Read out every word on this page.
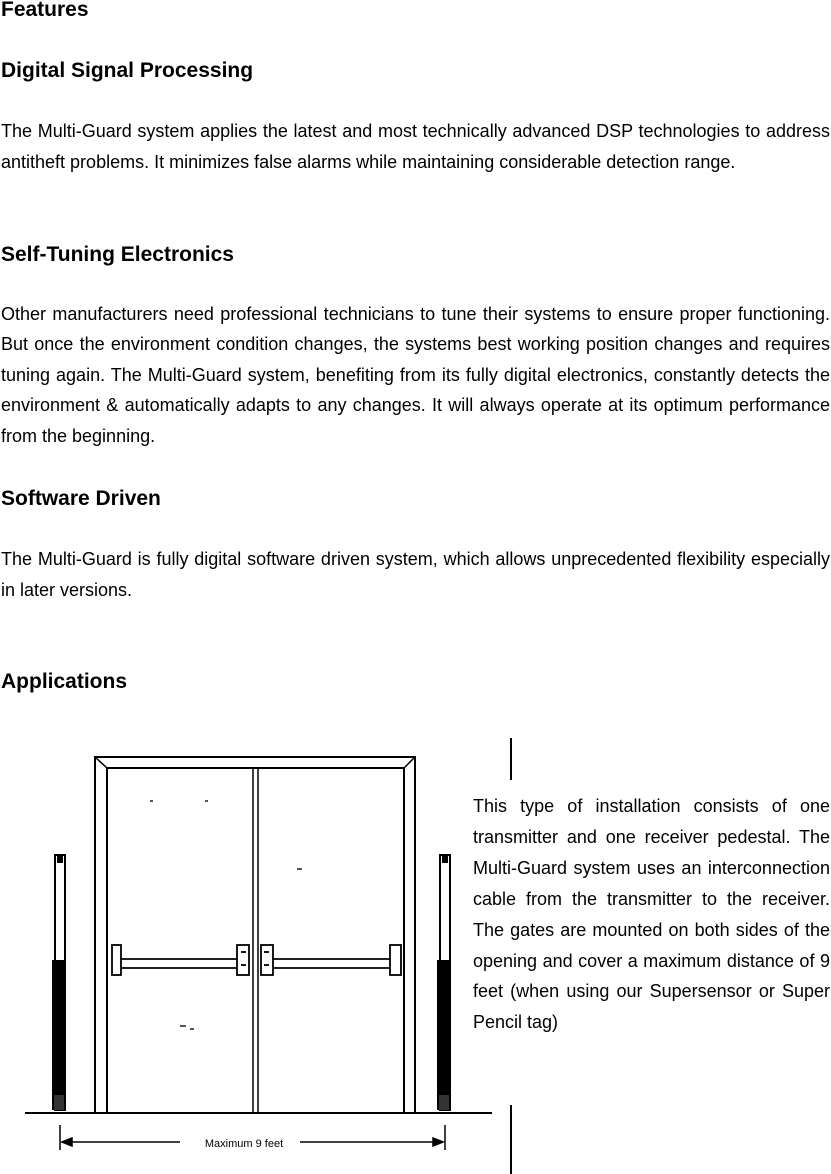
Features
Digital Signal Processing

The Multi-Guard system applies the latest and most technically advanced DSP technologies to address antitheft problems. It minimizes false alarms while maintaining considerable detection range.

Self-Tuning Electronics

Other manufacturers need professional technicians to tune their systems to ensure proper functioning. But once the environment condition changes, the systems best working position changes and requires tuning again. The Multi-Guard system, benefiting from its fully digital electronics, constantly detects the environment & automatically adapts to any changes. It will always operate at its optimum performance from the beginning.

Software Driven

The Multi-Guard is fully digital software driven system, which allows unprecedented flexibility especially in later versions.

Applications

This type of installation consists of one transmitter and one receiver pedestal. The Multi-Guard system uses an interconnection cable from the transmitter to the receiver. The gates are mounted on both sides of the opening and cover a maximum distance of 9 feet (when using our Supersensor or Super Pencil tag)

Maximum 9 feet
